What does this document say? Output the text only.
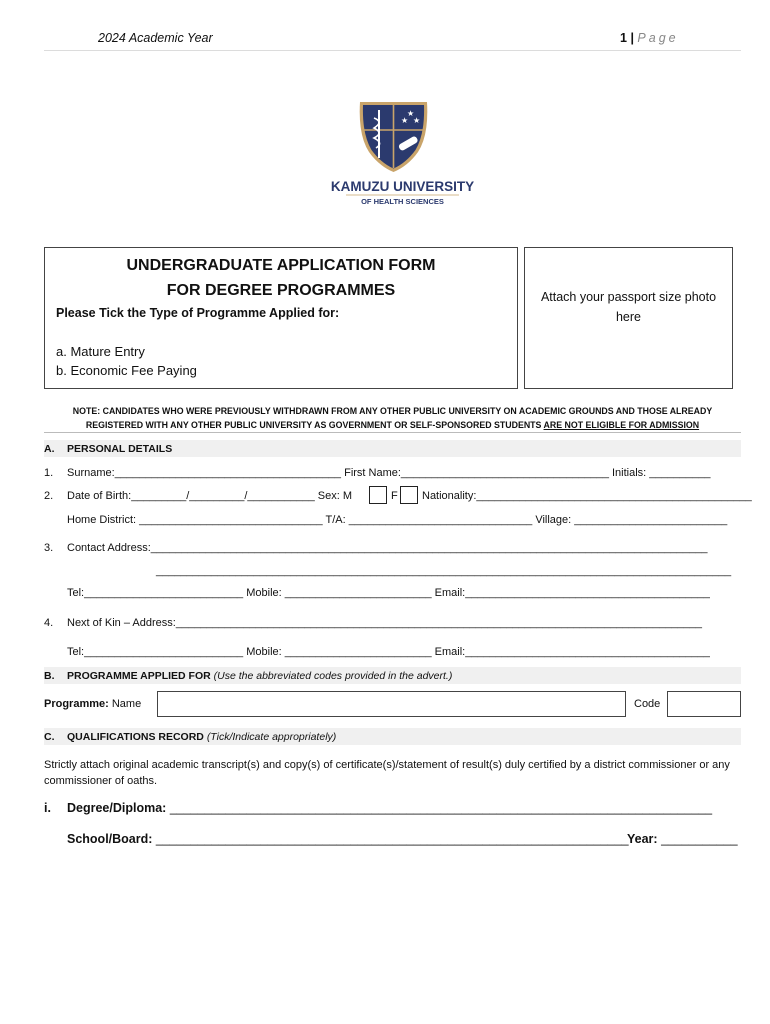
2024 Academic Year	1 | Page
★
★
★
KAMUZU UNIVERSITY
OF HEALTH SCIENCES
UNDERGRADUATE APPLICATION FORM
FOR DEGREE PROGRAMMES
Please Tick the Type of Programme Applied for:
a. Mature Entry
b. Economic Fee Paying
Attach your passport size photo
here
NOTE: CANDIDATES WHO WERE PREVIOUSLY WITHDRAWN FROM ANY OTHER PUBLIC UNIVERSITY ON ACADEMIC GROUNDS AND THOSE ALREADY
REGISTERED WITH ANY OTHER PUBLIC UNIVERSITY AS GOVERNMENT OR SELF-SPONSORED STUDENTS ARE NOT ELIGIBLE FOR ADMISSION
A. PERSONAL DETAILS
1. Surname:_____________________________________ First Name:__________________________________ Initials: __________
2. Date of Birth:_________/_________/___________ Sex: M	F Nationality:_____________________________________________
Home District: ______________________________ T/A: ______________________________ Village: _________________________
3. Contact Address:___________________________________________________________________________________________
______________________________________________________________________________________________
Tel:__________________________ Mobile: ________________________ Email:________________________________________
4. Next of Kin – Address:______________________________________________________________________________________
Tel:__________________________ Mobile: ________________________ Email:________________________________________
B. PROGRAMME APPLIED FOR (Use the abbreviated codes provided in the advert.)
Programme: Name	Code
C. QUALIFICATIONS RECORD (Tick/Indicate appropriately)
Strictly attach original academic transcript(s) and copy(s) of certificate(s)/statement of result(s) duly certified by a district commissioner or any commissioner of oaths.
i. Degree/Diploma: ______________________________________________________________________________
School/Board: ____________________________________________________________________
Year: ___________
